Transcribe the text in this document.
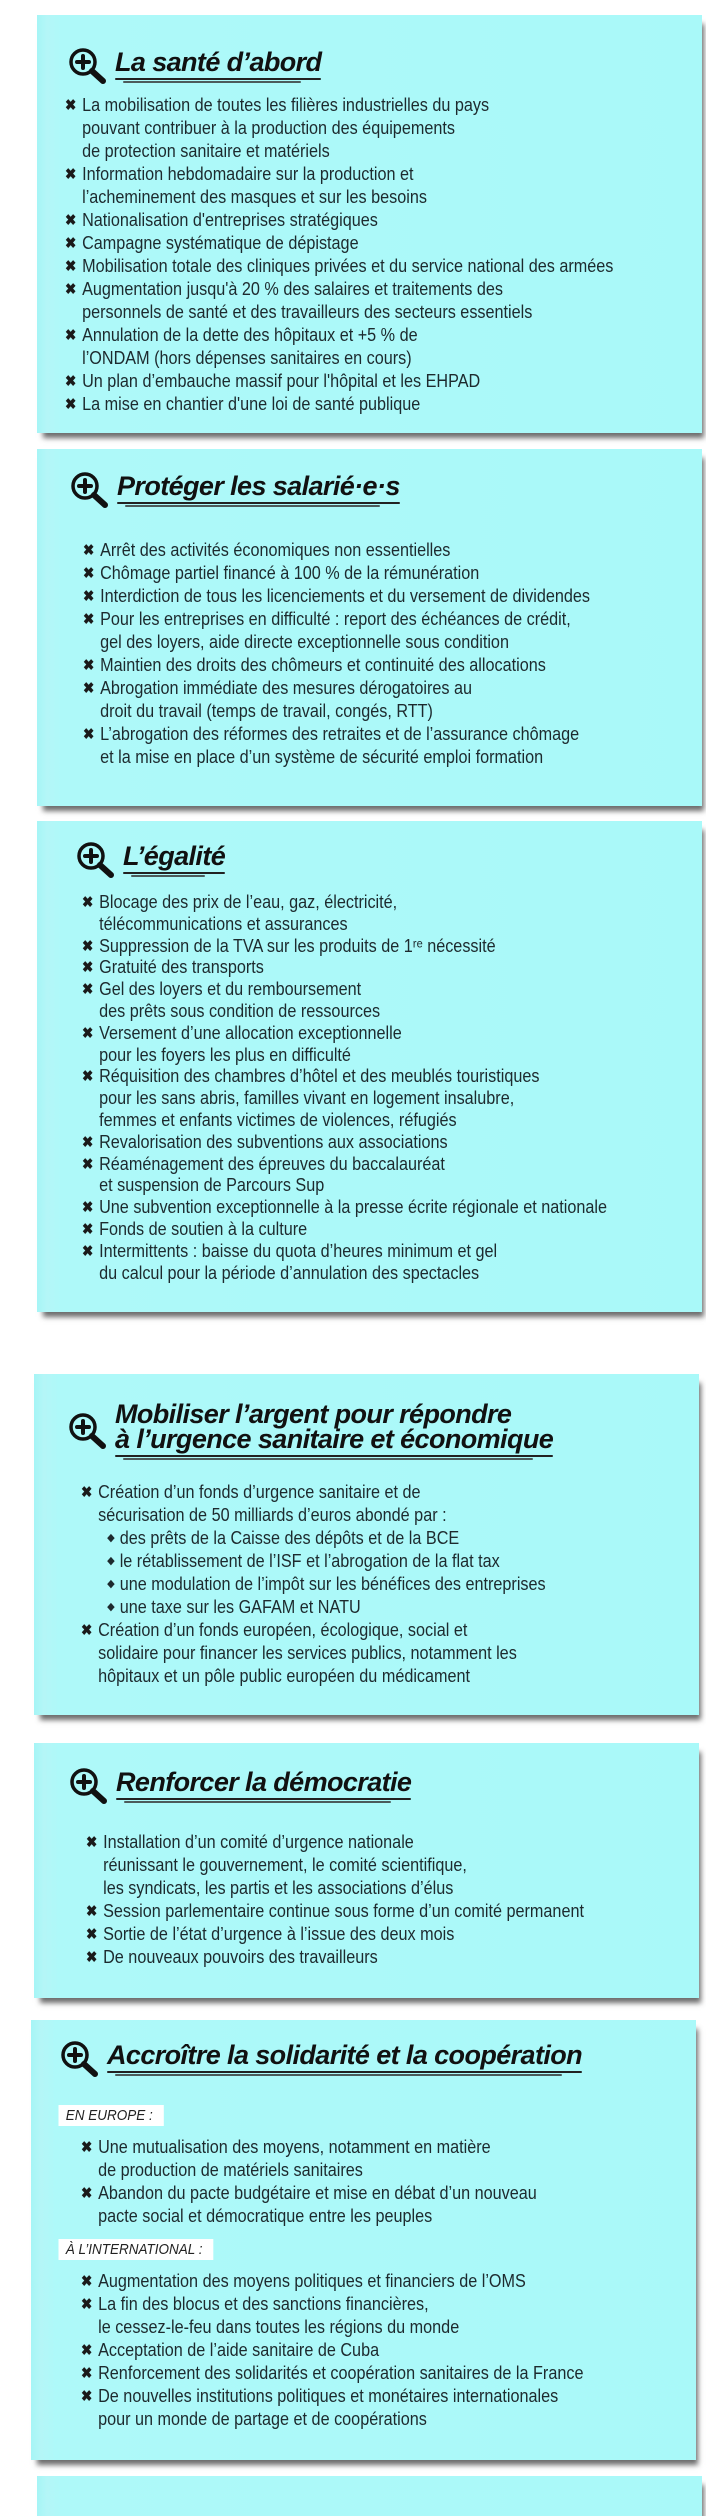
La santé d’abord
✖ La mobilisation de toutes les filières industrielles du pays
pouvant contribuer à la production des équipements
de protection sanitaire et matériels
✖ Information hebdomadaire sur la production et
l’acheminement des masques et sur les besoins
✖ Nationalisation d'entreprises stratégiques
✖ Campagne systématique de dépistage
✖ Mobilisation totale des cliniques privées et du service national des armées
✖ Augmentation jusqu'à 20 % des salaires et traitements des
personnels de santé et des travailleurs des secteurs essentiels
✖ Annulation de la dette des hôpitaux et +5 % de
l’ONDAM (hors dépenses sanitaires en cours)
✖ Un plan d’embauche massif pour l'hôpital et les EHPAD
✖ La mise en chantier d'une loi de santé publique
Protéger les salarié·e·s
✖ Arrêt des activités économiques non essentielles
✖ Chômage partiel financé à 100 % de la rémunération
✖ Interdiction de tous les licenciements et du versement de dividendes
✖ Pour les entreprises en difficulté : report des échéances de crédit,
gel des loyers, aide directe exceptionnelle sous condition
✖ Maintien des droits des chômeurs et continuité des allocations
✖ Abrogation immédiate des mesures dérogatoires au
droit du travail (temps de travail, congés, RTT)
✖ L’abrogation des réformes des retraites et de l’assurance chômage
et la mise en place d’un système de sécurité emploi formation
L’égalité
✖ Blocage des prix de l’eau, gaz, électricité,
télécommunications et assurances
✖ Suppression de la TVA sur les produits de 1ʳᵉ nécessité
✖ Gratuité des transports
✖ Gel des loyers et du remboursement
des prêts sous condition de ressources
✖ Versement d’une allocation exceptionnelle
pour les foyers les plus en difficulté
✖ Réquisition des chambres d’hôtel et des meublés touristiques
pour les sans abris, familles vivant en logement insalubre,
femmes et enfants victimes de violences, réfugiés
✖ Revalorisation des subventions aux associations
✖ Réaménagement des épreuves du baccalauréat
et suspension de Parcours Sup
✖ Une subvention exceptionnelle à la presse écrite régionale et nationale
✖ Fonds de soutien à la culture
✖ Intermittents : baisse du quota d’heures minimum et gel
du calcul pour la période d’annulation des spectacles
Mobiliser l’argent pour répondre
à l’urgence sanitaire et économique
✖ Création d’un fonds d’urgence sanitaire et de
sécurisation de 50 milliards d’euros abondé par :
◆ des prêts de la Caisse des dépôts et de la BCE
◆ le rétablissement de l’ISF et l’abrogation de la flat tax
◆ une modulation de l’impôt sur les bénéfices des entreprises
◆ une taxe sur les GAFAM et NATU
✖ Création d’un fonds européen, écologique, social et
solidaire pour financer les services publics, notamment les
hôpitaux et un pôle public européen du médicament
Renforcer la démocratie
✖ Installation d’un comité d’urgence nationale
réunissant le gouvernement, le comité scientifique,
les syndicats, les partis et les associations d’élus
✖ Session parlementaire continue sous forme d’un comité permanent
✖ Sortie de l’état d’urgence à l’issue des deux mois
✖ De nouveaux pouvoirs des travailleurs
Accroître la solidarité et la coopération
EN EUROPE :
✖ Une mutualisation des moyens, notamment en matière
de production de matériels sanitaires
✖ Abandon du pacte budgétaire et mise en débat d’un nouveau
pacte social et démocratique entre les peuples
À L’INTERNATIONAL :
✖ Augmentation des moyens politiques et financiers de l’OMS
✖ La fin des blocus et des sanctions financières,
le cessez-le-feu dans toutes les régions du monde
✖ Acceptation de l’aide sanitaire de Cuba
✖ Renforcement des solidarités et coopération sanitaires de la France
✖ De nouvelles institutions politiques et monétaires internationales
pour un monde de partage et de coopérations
